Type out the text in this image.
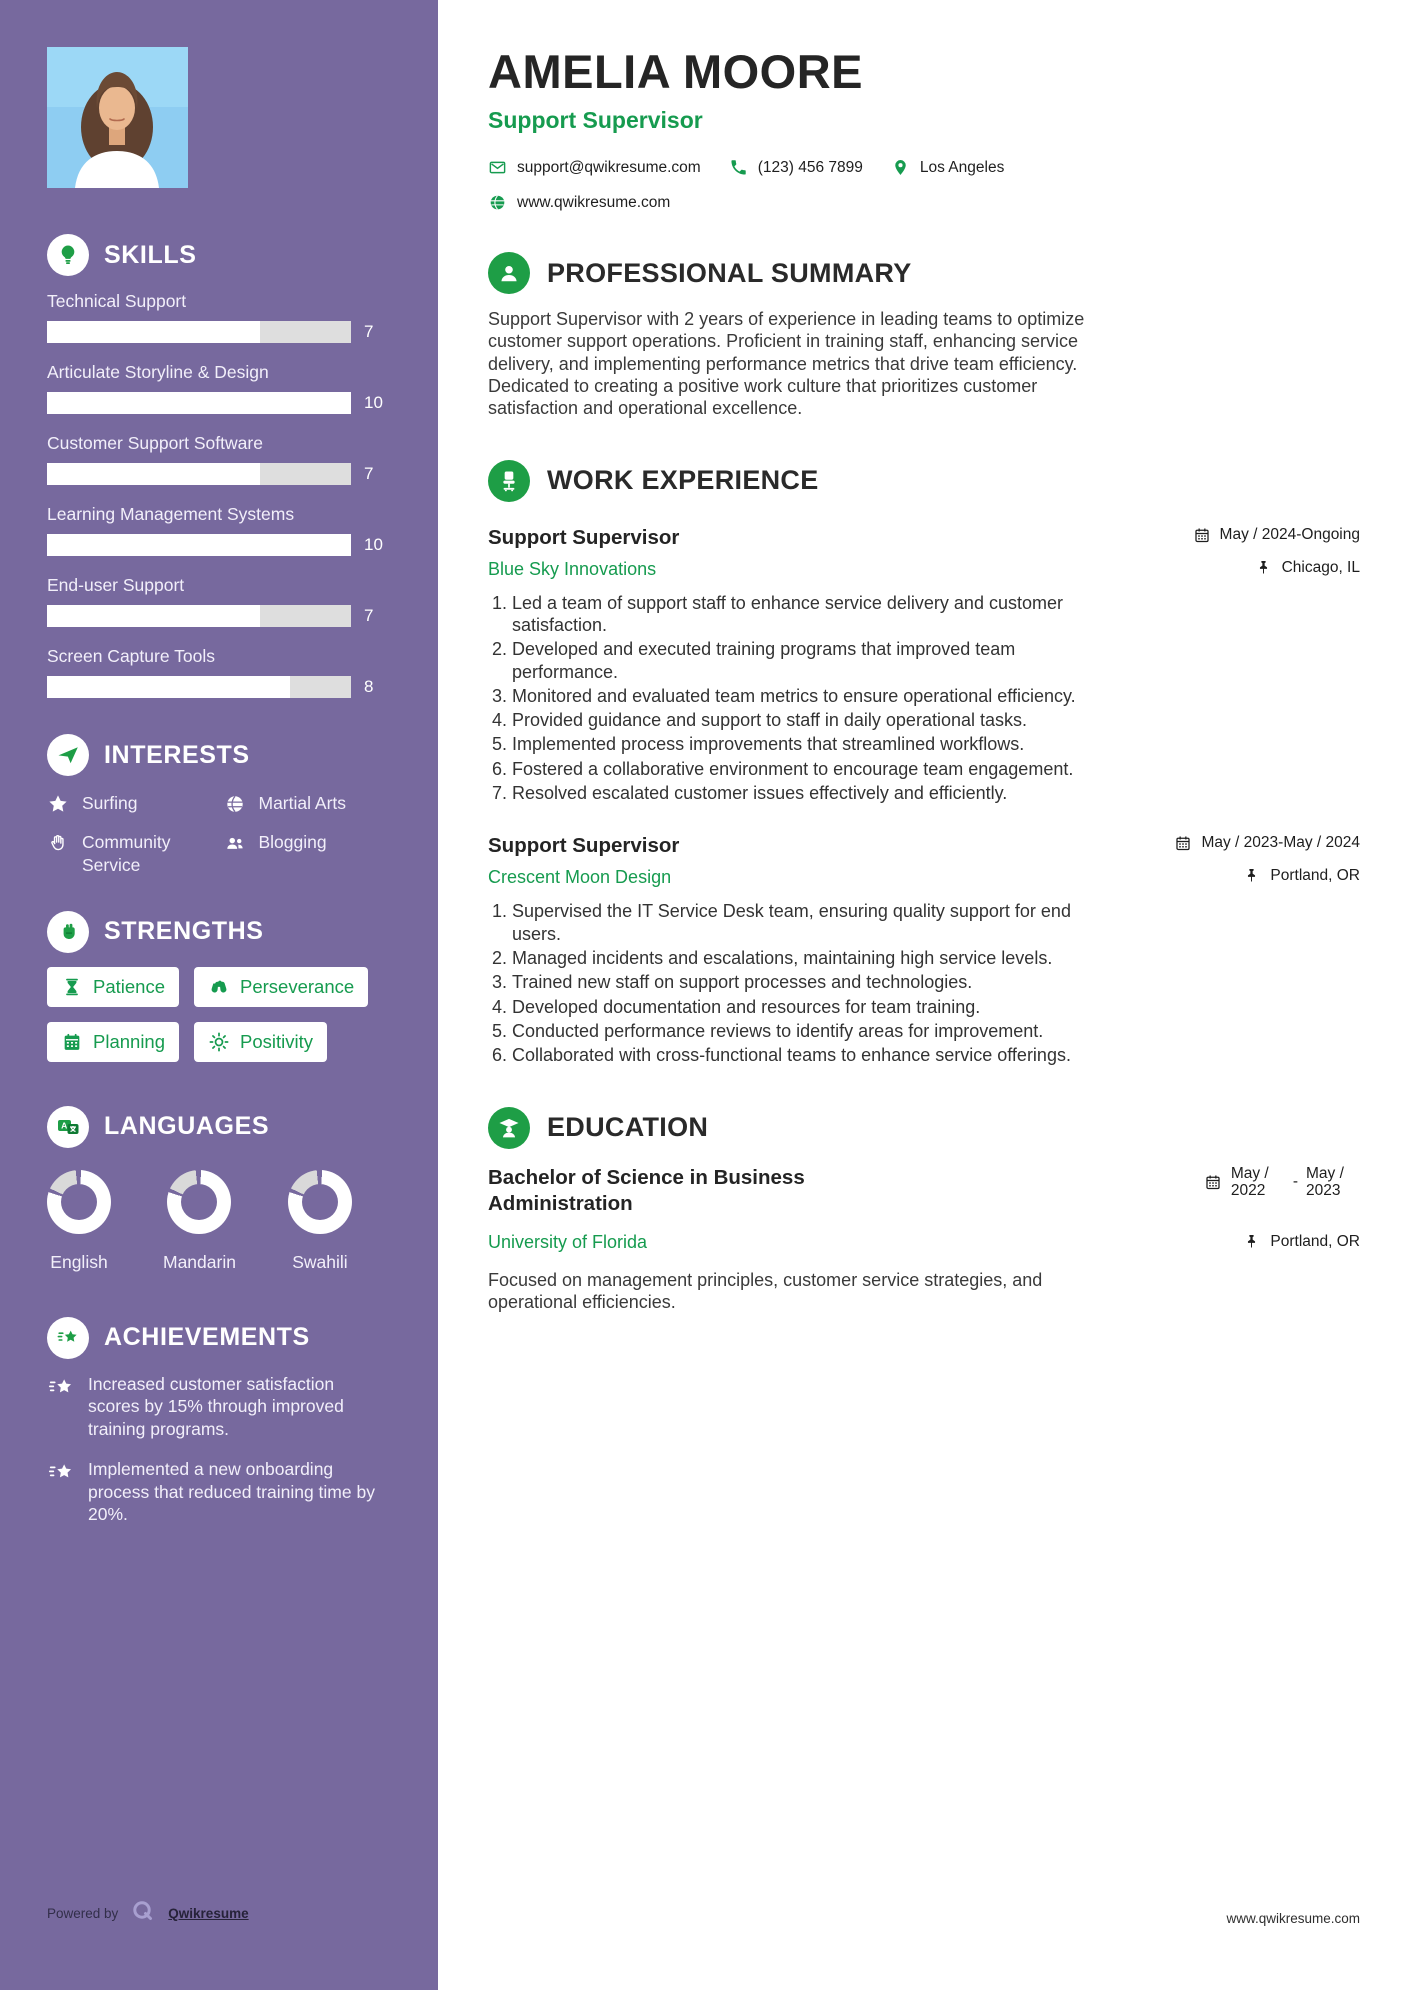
SKILLS
Technical Support
7
Articulate Storyline & Design
10
Customer Support Software
7
Learning Management Systems
10
End-user Support
7
Screen Capture Tools
8
INTERESTS
Surfing	Martial Arts
Community Service
Blogging
STRENGTHS
Patience	Perseverance
Planning	Positivity
A LANGUAGES
English	Mandarin	Swahili
ACHIEVEMENTS
Increased customer satisfaction scores by 15% through improved training programs.
Implemented a new onboarding process that reduced training time by 20%.
Powered by	Qwikresume
AMELIA MOORE
Support Supervisor
support@qwikresume.com	(123) 456 7899	Los Angeles
www.qwikresume.com
PROFESSIONAL SUMMARY

Support Supervisor with 2 years of experience in leading teams to optimize customer support operations. Proficient in training staff, enhancing service delivery, and implementing performance metrics that drive team efficiency. Dedicated to creating a positive work culture that prioritizes customer satisfaction and operational excellence.

WORK EXPERIENCE
Support Supervisor	May / 2024-Ongoing
Blue Sky Innovations	Chicago, IL
1. Led a team of support staff to enhance service delivery and customer satisfaction.
2. Developed and executed training programs that improved team performance.
3. Monitored and evaluated team metrics to ensure operational efficiency.
4. Provided guidance and support to staff in daily operational tasks.
5. Implemented process improvements that streamlined workflows.
6. Fostered a collaborative environment to encourage team engagement.
7. Resolved escalated customer issues effectively and efficiently.
Support Supervisor	May / 2023-May / 2024
Crescent Moon Design	Portland, OR
1. Supervised the IT Service Desk team, ensuring quality support for end users.
2. Managed incidents and escalations, maintaining high service levels.
3. Trained new staff on support processes and technologies.
4. Developed documentation and resources for team training.
5. Conducted performance reviews to identify areas for improvement.
6. Collaborated with cross-functional teams to enhance service offerings.
EDUCATION
Bachelor of Science in Business Administration
May / 2022
-
May / 2023
University of Florida	Portland, OR

Focused on management principles, customer service strategies, and operational efficiencies.

www.qwikresume.com
